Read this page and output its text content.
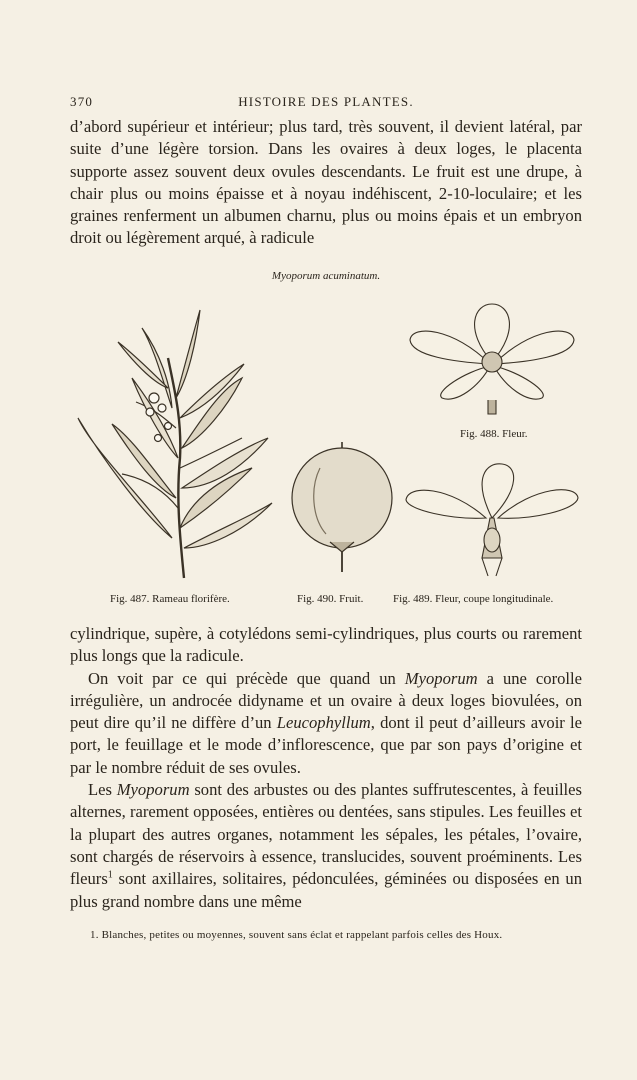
370	HISTOIRE DES PLANTES.

d’abord supérieur et intérieur; plus tard, très souvent, il devient latéral, par suite d’une légère torsion. Dans les ovaires à deux loges, le placenta supporte assez souvent deux ovules descendants. Le fruit est une drupe, à chair plus ou moins épaisse et à noyau indéhiscent, 2-10-loculaire; et les graines renferment un albumen charnu, plus ou moins épais et un embryon droit ou légèrement arqué, à radicule

Myoporum acuminatum.
Fig. 488. Fleur.
Fig. 487. Rameau florifère.	Fig. 490. Fruit.	Fig. 489. Fleur, coupe longitudinale.

cylindrique, supère, à cotylédons semi-cylindriques, plus courts ou rarement plus longs que la radicule.

On voit par ce qui précède que quand un Myoporum a une corolle irrégulière, un androcée didyname et un ovaire à deux loges biovulées, on peut dire qu’il ne diffère d’un Leucophyllum, dont il peut d’ailleurs avoir le port, le feuillage et le mode d’inflorescence, que par son pays d’origine et par le nombre réduit de ses ovules.

Les Myoporum sont des arbustes ou des plantes suffrutescentes, à feuilles alternes, rarement opposées, entières ou dentées, sans stipules. Les feuilles et la plupart des autres organes, notamment les sépales, les pétales, l’ovaire, sont chargés de réservoirs à essence, translucides, souvent proéminents. Les fleurs$^1$ sont axillaires, solitaires, pédonculées, géminées ou disposées en un plus grand nombre dans une même

1. Blanches, petites ou moyennes, souvent sans éclat et rappelant parfois celles des Houx.
